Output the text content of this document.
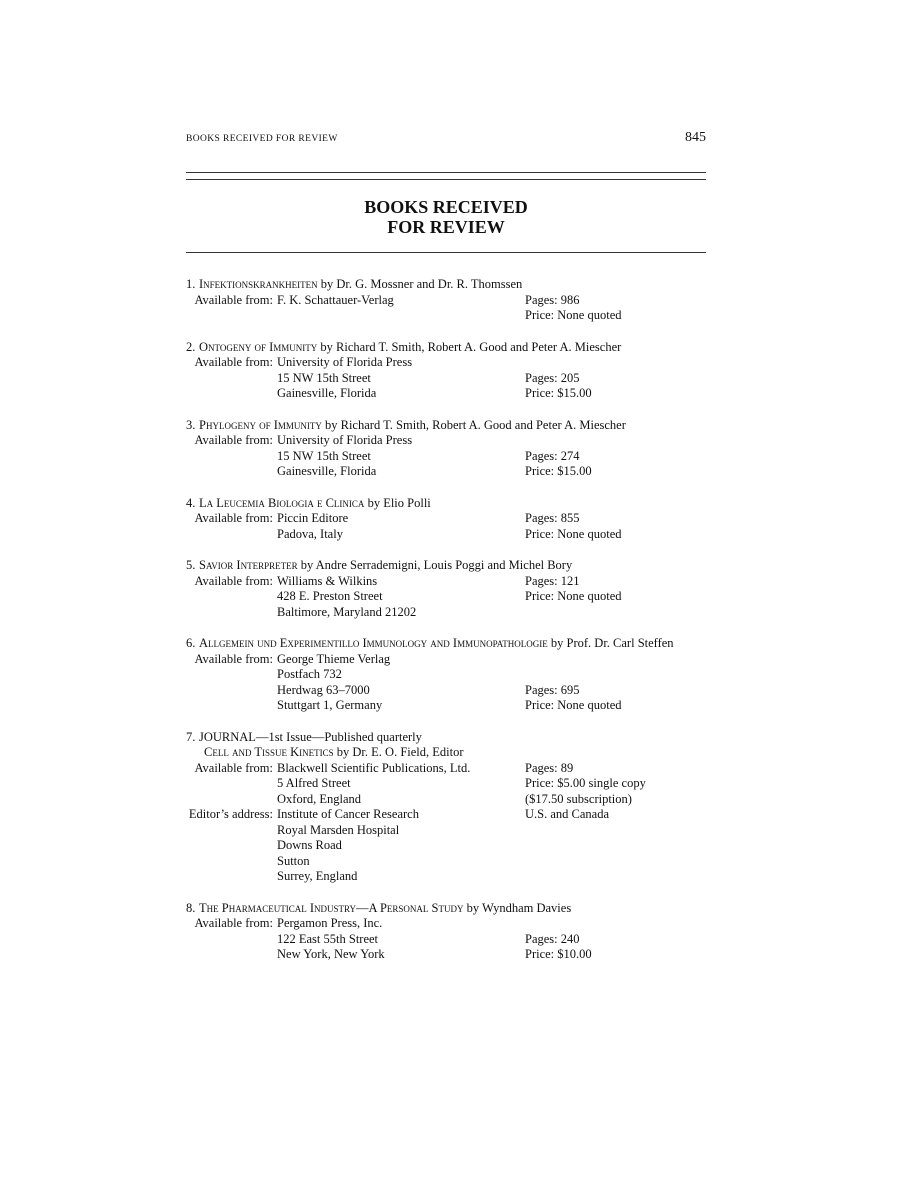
BOOKS RECEIVED FOR REVIEW	845
BOOKS RECEIVED
FOR REVIEW
1. Infektionskrankheiten by Dr. G. Mossner and Dr. R. Thomssen
Available from: F. K. Schattauer-Verlag	Pages: 986
Price: None quoted
2. Ontogeny of Immunity by Richard T. Smith, Robert A. Good and Peter A. Miescher
Available from: University of Florida Press
15 NW 15th Street	Pages: 205
Gainesville, Florida	Price: $15.00
3. Phylogeny of Immunity by Richard T. Smith, Robert A. Good and Peter A. Miescher
Available from: University of Florida Press
15 NW 15th Street	Pages: 274
Gainesville, Florida	Price: $15.00
4. La Leucemia Biologia e Clinica by Elio Polli
Available from: Piccin Editore	Pages: 855
Padova, Italy	Price: None quoted
5. Savior Interpreter by Andre Serrademigni, Louis Poggi and Michel Bory
Available from: Williams & Wilkins	Pages: 121
428 E. Preston Street	Price: None quoted
Baltimore, Maryland 21202
6. Allgemein und Experimentillo Immunology and Immunopathologie by Prof. Dr. Carl Steffen
Available from: George Thieme Verlag
Postfach 732
Herdwag 63–7000	Pages: 695
Stuttgart 1, Germany	Price: None quoted
7. JOURNAL—1st Issue—Published quarterly
Cell and Tissue Kinetics by Dr. E. O. Field, Editor
Available from: Blackwell Scientific Publications, Ltd.	Pages: 89
5 Alfred Street	Price: $5.00 single copy
Oxford, England	($17.50 subscription)
Editor’s address: Institute of Cancer Research	U.S. and Canada
Royal Marsden Hospital
Downs Road
Sutton
Surrey, England
8. The Pharmaceutical Industry—A Personal Study by Wyndham Davies
Available from: Pergamon Press, Inc.
122 East 55th Street	Pages: 240
New York, New York	Price: $10.00
